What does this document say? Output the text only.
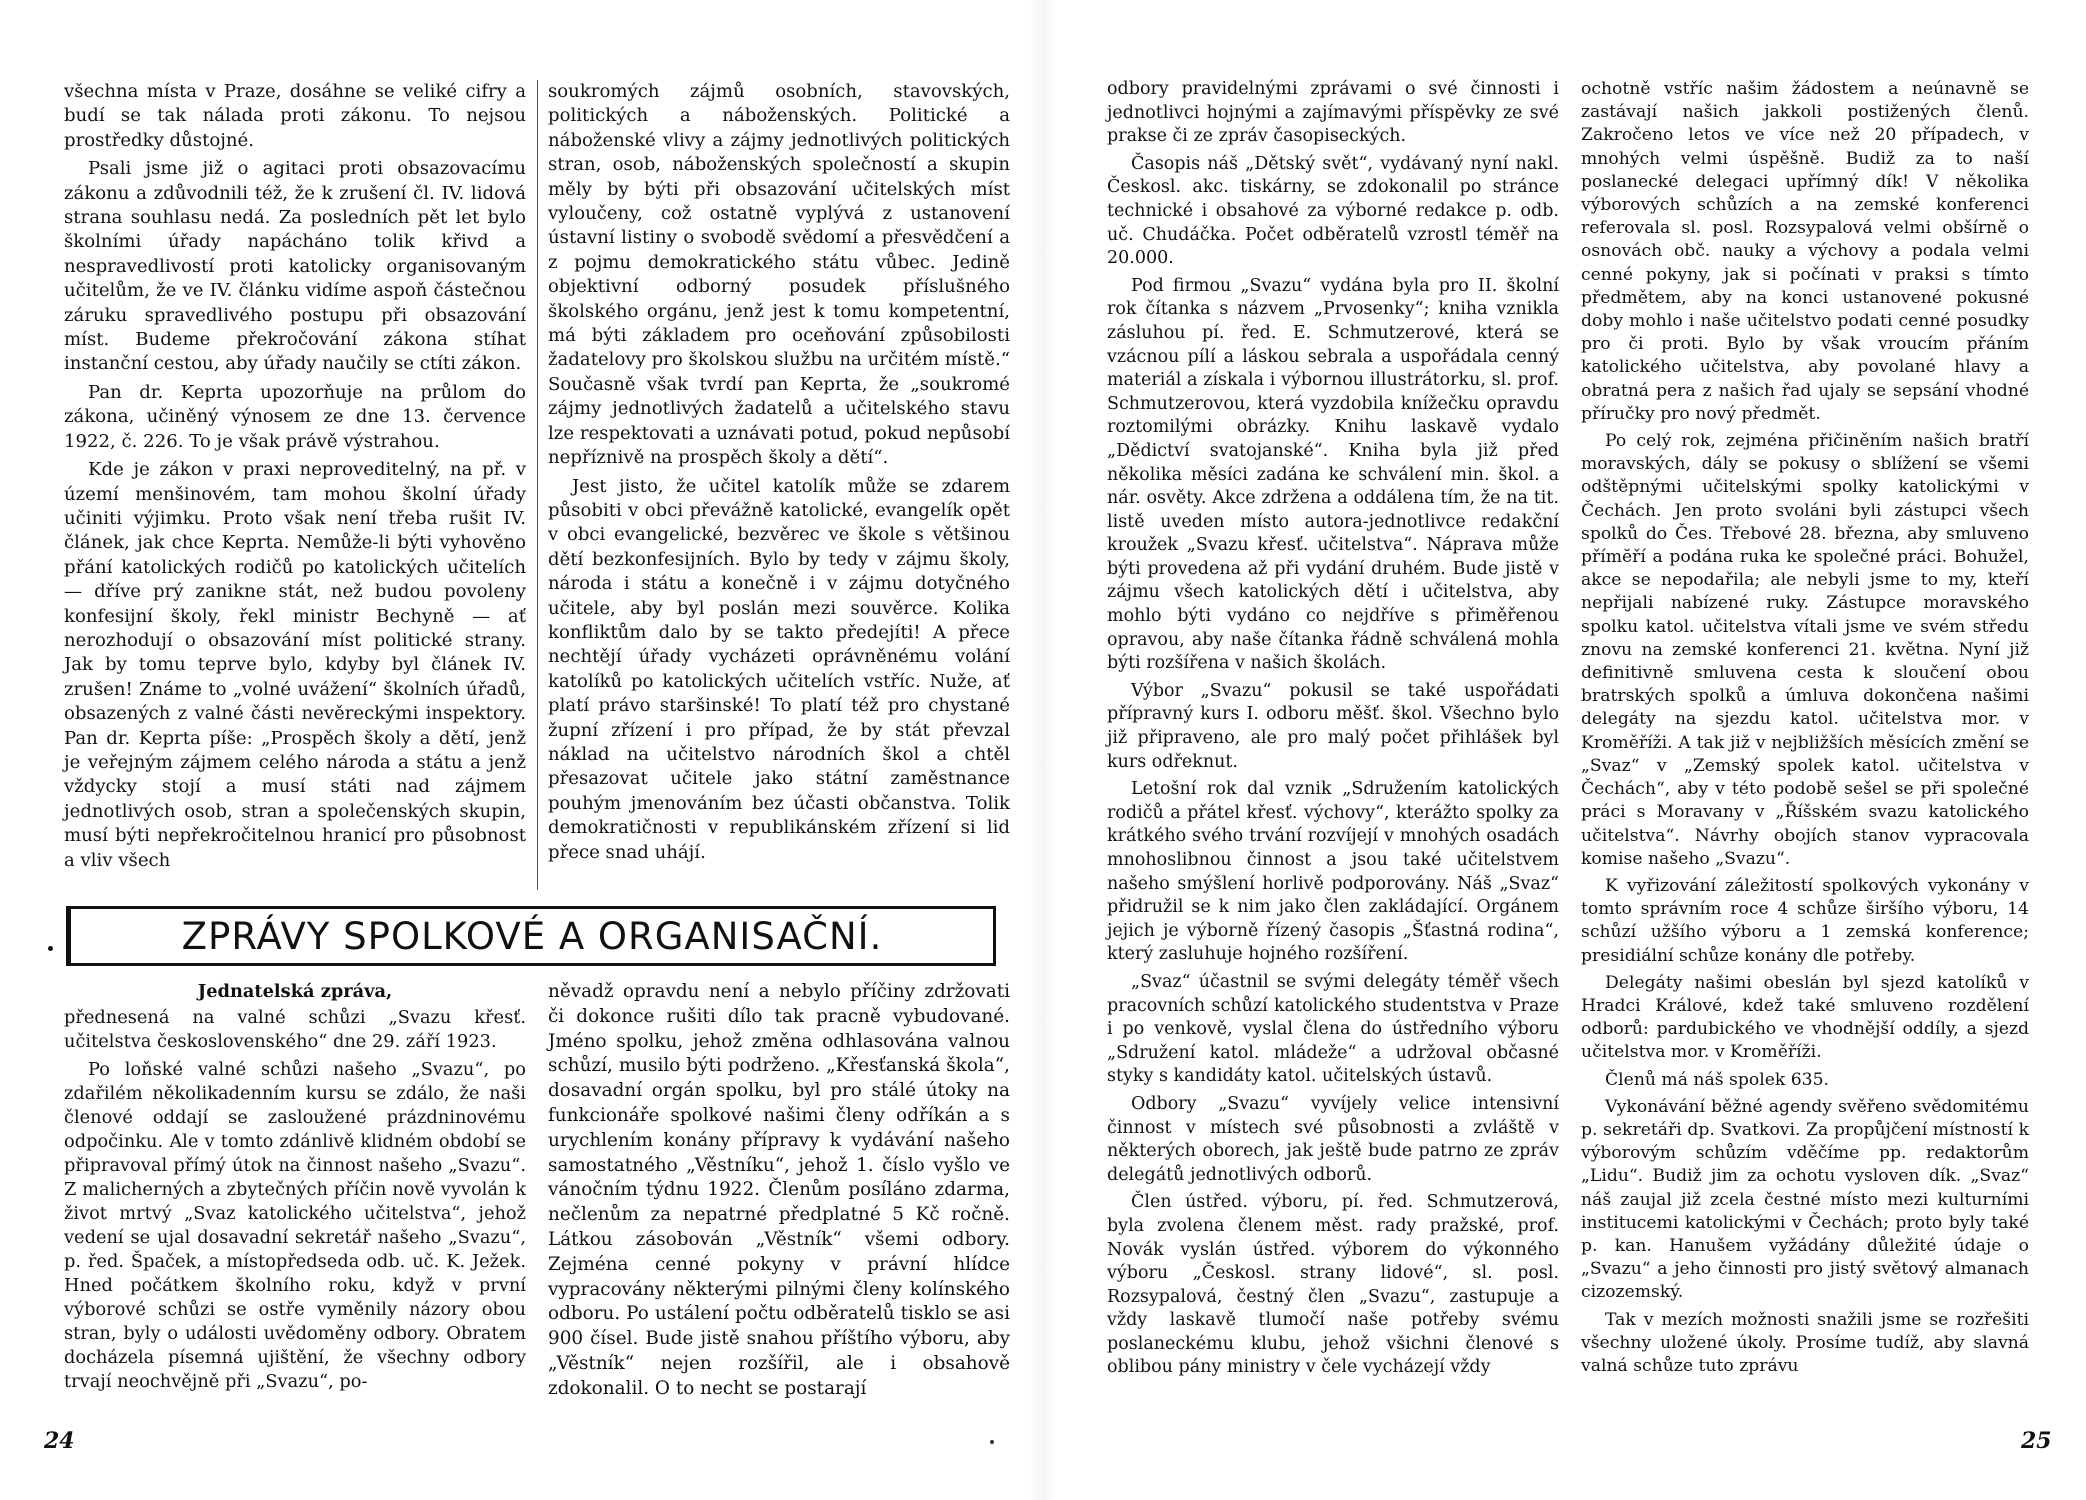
všechna místa v Praze, dosáhne se veliké cifry a budí se tak nálada proti zákonu. To nejsou prostředky důstojné.

Psali jsme již o agitaci proti obsazovacímu zákonu a zdůvodnili též, že k zrušení čl. IV. lidová strana souhlasu nedá. Za posledních pět let bylo školními úřady napácháno tolik křivd a nespravedlivostí proti katolicky organisovaným učitelům, že ve IV. článku vidíme aspoň částečnou záruku spravedlivého postupu při obsazování míst. Budeme překročování zákona stíhat instanční cestou, aby úřady naučily se ctíti zákon.

Pan dr. Keprta upozorňuje na průlom do zákona, učiněný výnosem ze dne 13. července 1922, č. 226. To je však právě výstrahou.

Kde je zákon v praxi neproveditelný, na př. v území menšinovém, tam mohou školní úřady učiniti výjimku. Proto však není třeba rušit IV. článek, jak chce Keprta. Nemůže-li býti vyhověno přání katolických rodičů po katolických učitelích — dříve prý zanikne stát, než budou povoleny konfesijní školy, řekl ministr Bechyně — ať nerozhodují o obsazování míst politické strany. Jak by tomu teprve bylo, kdyby byl článek IV. zrušen! Známe to „volné uvážení“ školních úřadů, obsazených z valné části nevěreckými inspektory. Pan dr. Keprta píše: „Prospěch školy a dětí, jenž je veřejným zájmem celého národa a státu a jenž vždycky stojí a musí státi nad zájmem jednotlivých osob, stran a společenských skupin, musí býti nepřekročitelnou hranicí pro působnost a vliv všech

soukromých zájmů osobních, stavovských, politických a náboženských. Politické a náboženské vlivy a zájmy jednotlivých politických stran, osob, náboženských společností a skupin měly by býti při obsazování učitelských míst vyloučeny, což ostatně vyplývá z ustanovení ústavní listiny o svobodě svědomí a přesvědčení a z pojmu demokratického státu vůbec. Jedině objektivní odborný posudek příslušného školského orgánu, jenž jest k tomu kompetentní, má býti základem pro oceňování způsobilosti žadatelovy pro školskou službu na určitém místě.“ Současně však tvrdí pan Keprta, že „soukromé zájmy jednotlivých žadatelů a učitelského stavu lze respektovati a uznávati potud, pokud nepůsobí nepříznivě na prospěch školy a dětí“.

Jest jisto, že učitel katolík může se zdarem působiti v obci převážně katolické, evangelík opět v obci evangelické, bezvěrec ve škole s většinou dětí bezkonfesijních. Bylo by tedy v zájmu školy, národa i státu a konečně i v zájmu dotyčného učitele, aby byl poslán mezi souvěrce. Kolika konfliktům dalo by se takto předejíti! A přece nechtějí úřady vycházeti oprávněnému volání katolíků po katolických učitelích vstříc. Nuže, ať platí právo staršinské! To platí též pro chystané župní zřízení i pro případ, že by stát převzal náklad na učitelstvo národních škol a chtěl přesazovat učitele jako státní zaměstnance pouhým jmenováním bez účasti občanstva. Tolik demokratičnosti v republikánském zřízení si lid přece snad uhájí.

ZPRÁVY SPOLKOVÉ A ORGANISAČNÍ.

Jednatelská zpráva,

přednesená na valné schůzi „Svazu křesť. učitelstva československého“ dne 29. září 1923.

Po loňské valné schůzi našeho „Svazu“, po zdařilém několikadenním kursu se zdálo, že naši členové oddají se zasloužené prázdninovému odpočinku. Ale v tomto zdánlivě klidném období se připravoval přímý útok na činnost našeho „Svazu“. Z malicherných a zbytečných příčin nově vyvolán k život mrtvý „Svaz katolického učitelstva“, jehož vedení se ujal dosavadní sekretář našeho „Svazu“, p. řed. Špaček, a místopředseda odb. uč. K. Ježek. Hned počátkem školního roku, když v první výborové schůzi se ostře vyměnily názory obou stran, byly o události uvědoměny odbory. Obratem docházela písemná ujištění, že všechny odbory trvají neochvějně při „Svazu“, po-

něvadž opravdu není a nebylo příčiny zdržovati či dokonce rušiti dílo tak pracně vybudované. Jméno spolku, jehož změna odhlasována valnou schůzí, musilo býti podrženo. „Křesťanská škola“, dosavadní orgán spolku, byl pro stálé útoky na funkcionáře spolkové našimi členy odříkán a s urychlením konány přípravy k vydávání našeho samostatného „Věstníku“, jehož 1. číslo vyšlo ve vánočním týdnu 1922. Členům posíláno zdarma, nečlenům za nepatrné předplatné 5 Kč ročně. Látkou zásobován „Věstník“ všemi odbory. Zejména cenné pokyny v právní hlídce vypracovány některými pilnými členy kolínského odboru. Po ustálení počtu odběratelů tisklo se asi 900 čísel. Bude jistě snahou příštího výboru, aby „Věstník“ nejen rozšířil, ale i obsahově zdokonalil. O to necht se postarají

24

odbory pravidelnými zprávami o své činnosti i jednotlivci hojnými a zajímavými příspěvky ze své prakse či ze zpráv časopiseckých.

Časopis náš „Dětský svět“, vydávaný nyní nakl. Českosl. akc. tiskárny, se zdokonalil po stránce technické i obsahové za výborné redakce p. odb. uč. Chudáčka. Počet odběratelů vzrostl téměř na 20.000.

Pod firmou „Svazu“ vydána byla pro II. školní rok čítanka s názvem „Prvosenky“; kniha vznikla zásluhou pí. řed. E. Schmutzerové, která se vzácnou pílí a láskou sebrala a uspořádala cenný materiál a získala i výbornou illustrátorku, sl. prof. Schmutzerovou, která vyzdobila knížečku opravdu roztomilými obrázky. Knihu laskavě vydalo „Dědictví svatojanské“. Kniha byla již před několika měsíci zadána ke schválení min. škol. a nár. osvěty. Akce zdržena a oddálena tím, že na tit. listě uveden místo autora-jednotlivce redakční kroužek „Svazu křesť. učitelstva“. Náprava může býti provedena až při vydání druhém. Bude jistě v zájmu všech katolických dětí i učitelstva, aby mohlo býti vydáno co nejdříve s přiměřenou opravou, aby naše čítanka řádně schválená mohla býti rozšířena v našich školách.

Výbor „Svazu“ pokusil se také uspořádati přípravný kurs I. odboru měšť. škol. Všechno bylo již připraveno, ale pro malý počet přihlášek byl kurs odřeknut.

Letošní rok dal vznik „Sdružením katolických rodičů a přátel křesť. výchovy“, kterážto spolky za krátkého svého trvání rozvíjejí v mnohých osadách mnohoslibnou činnost a jsou také učitelstvem našeho smýšlení horlivě podporovány. Náš „Svaz“ přidružil se k nim jako člen zakládající. Orgánem jejich je výborně řízený časopis „Šťastná rodina“, který zasluhuje hojného rozšíření.

„Svaz“ účastnil se svými delegáty téměř všech pracovních schůzí katolického studentstva v Praze i po venkově, vyslal člena do ústředního výboru „Sdružení katol. mládeže“ a udržoval občasné styky s kandidáty katol. učitelských ústavů.

Odbory „Svazu“ vyvíjely velice intensivní činnost v místech své působnosti a zvláště v některých oborech, jak ještě bude patrno ze zpráv delegátů jednotlivých odborů.

Člen ústřed. výboru, pí. řed. Schmutzerová, byla zvolena členem měst. rady pražské, prof. Novák vyslán ústřed. výborem do výkonného výboru „Českosl. strany lidové“, sl. posl. Rozsypalová, čestný člen „Svazu“, zastupuje a vždy laskavě tlumočí naše potřeby svému poslaneckému klubu, jehož všichni členové s oblibou pány ministry v čele vycházejí vždy

ochotně vstříc našim žádostem a neúnavně se zastávají našich jakkoli postižených členů. Zakročeno letos ve více než 20 případech, v mnohých velmi úspěšně. Budiž za to naší poslanecké delegaci upřímný dík! V několika výborových schůzích a na zemské konferenci referovala sl. posl. Rozsypalová velmi obšírně o osnovách obč. nauky a výchovy a podala velmi cenné pokyny, jak si počínati v praksi s tímto předmětem, aby na konci ustanovené pokusné doby mohlo i naše učitelstvo podati cenné posudky pro či proti. Bylo by však vroucím přáním katolického učitelstva, aby povolané hlavy a obratná pera z našich řad ujaly se sepsání vhodné příručky pro nový předmět.

Po celý rok, zejména přičiněním našich bratří moravských, dály se pokusy o sblížení se všemi odštěpnými učitelskými spolky katolickými v Čechách. Jen proto svoláni byli zástupci všech spolků do Čes. Třebové 28. března, aby smluveno přímĕří a podána ruka ke společné práci. Bohužel, akce se nepodařila; ale nebyli jsme to my, kteří nepřijali nabízené ruky. Zástupce moravského spolku katol. učitelstva vítali jsme ve svém středu znovu na zemské konferenci 21. května. Nyní již definitivně smluvena cesta k sloučení obou bratrských spolků a úmluva dokončena našimi delegáty na sjezdu katol. učitelstva mor. v Kroměříži. A tak již v nejbližších měsících změní se „Svaz“ v „Zemský spolek katol. učitelstva v Čechách“, aby v této podobě sešel se při společné práci s Moravany v „Říšském svazu katolického učitelstva“. Návrhy obojích stanov vypracovala komise našeho „Svazu“.

K vyřizování záležitostí spolkových vykonány v tomto správním roce 4 schůze širšího výboru, 14 schůzí užšího výboru a 1 zemská konference; presidiální schůze konány dle potřeby.

Delegáty našimi obeslán byl sjezd katolíků v Hradci Králové, kdež také smluveno rozdělení odborů: pardubického ve vhodnější oddíly, a sjezd učitelstva mor. v Kroměříži.

Členů má náš spolek 635.

Vykonávání běžné agendy svěřeno svědomitému p. sekretáři dp. Svatkovi. Za propůjčení místností k výborovým schůzím vděčíme pp. redaktorům „Lidu“. Budiž jim za ochotu vysloven dík. „Svaz“ náš zaujal již zcela čestné místo mezi kulturními institucemi katolickými v Čechách; proto byly také p. kan. Hanušem vyžádány důležité údaje o „Svazu“ a jeho činnosti pro jistý světový almanach cizozemský.

Tak v mezích možnosti snažili jsme se rozřešiti všechny uložené úkoly. Prosíme tudíž, aby slavná valná schůze tuto zprávu

25
